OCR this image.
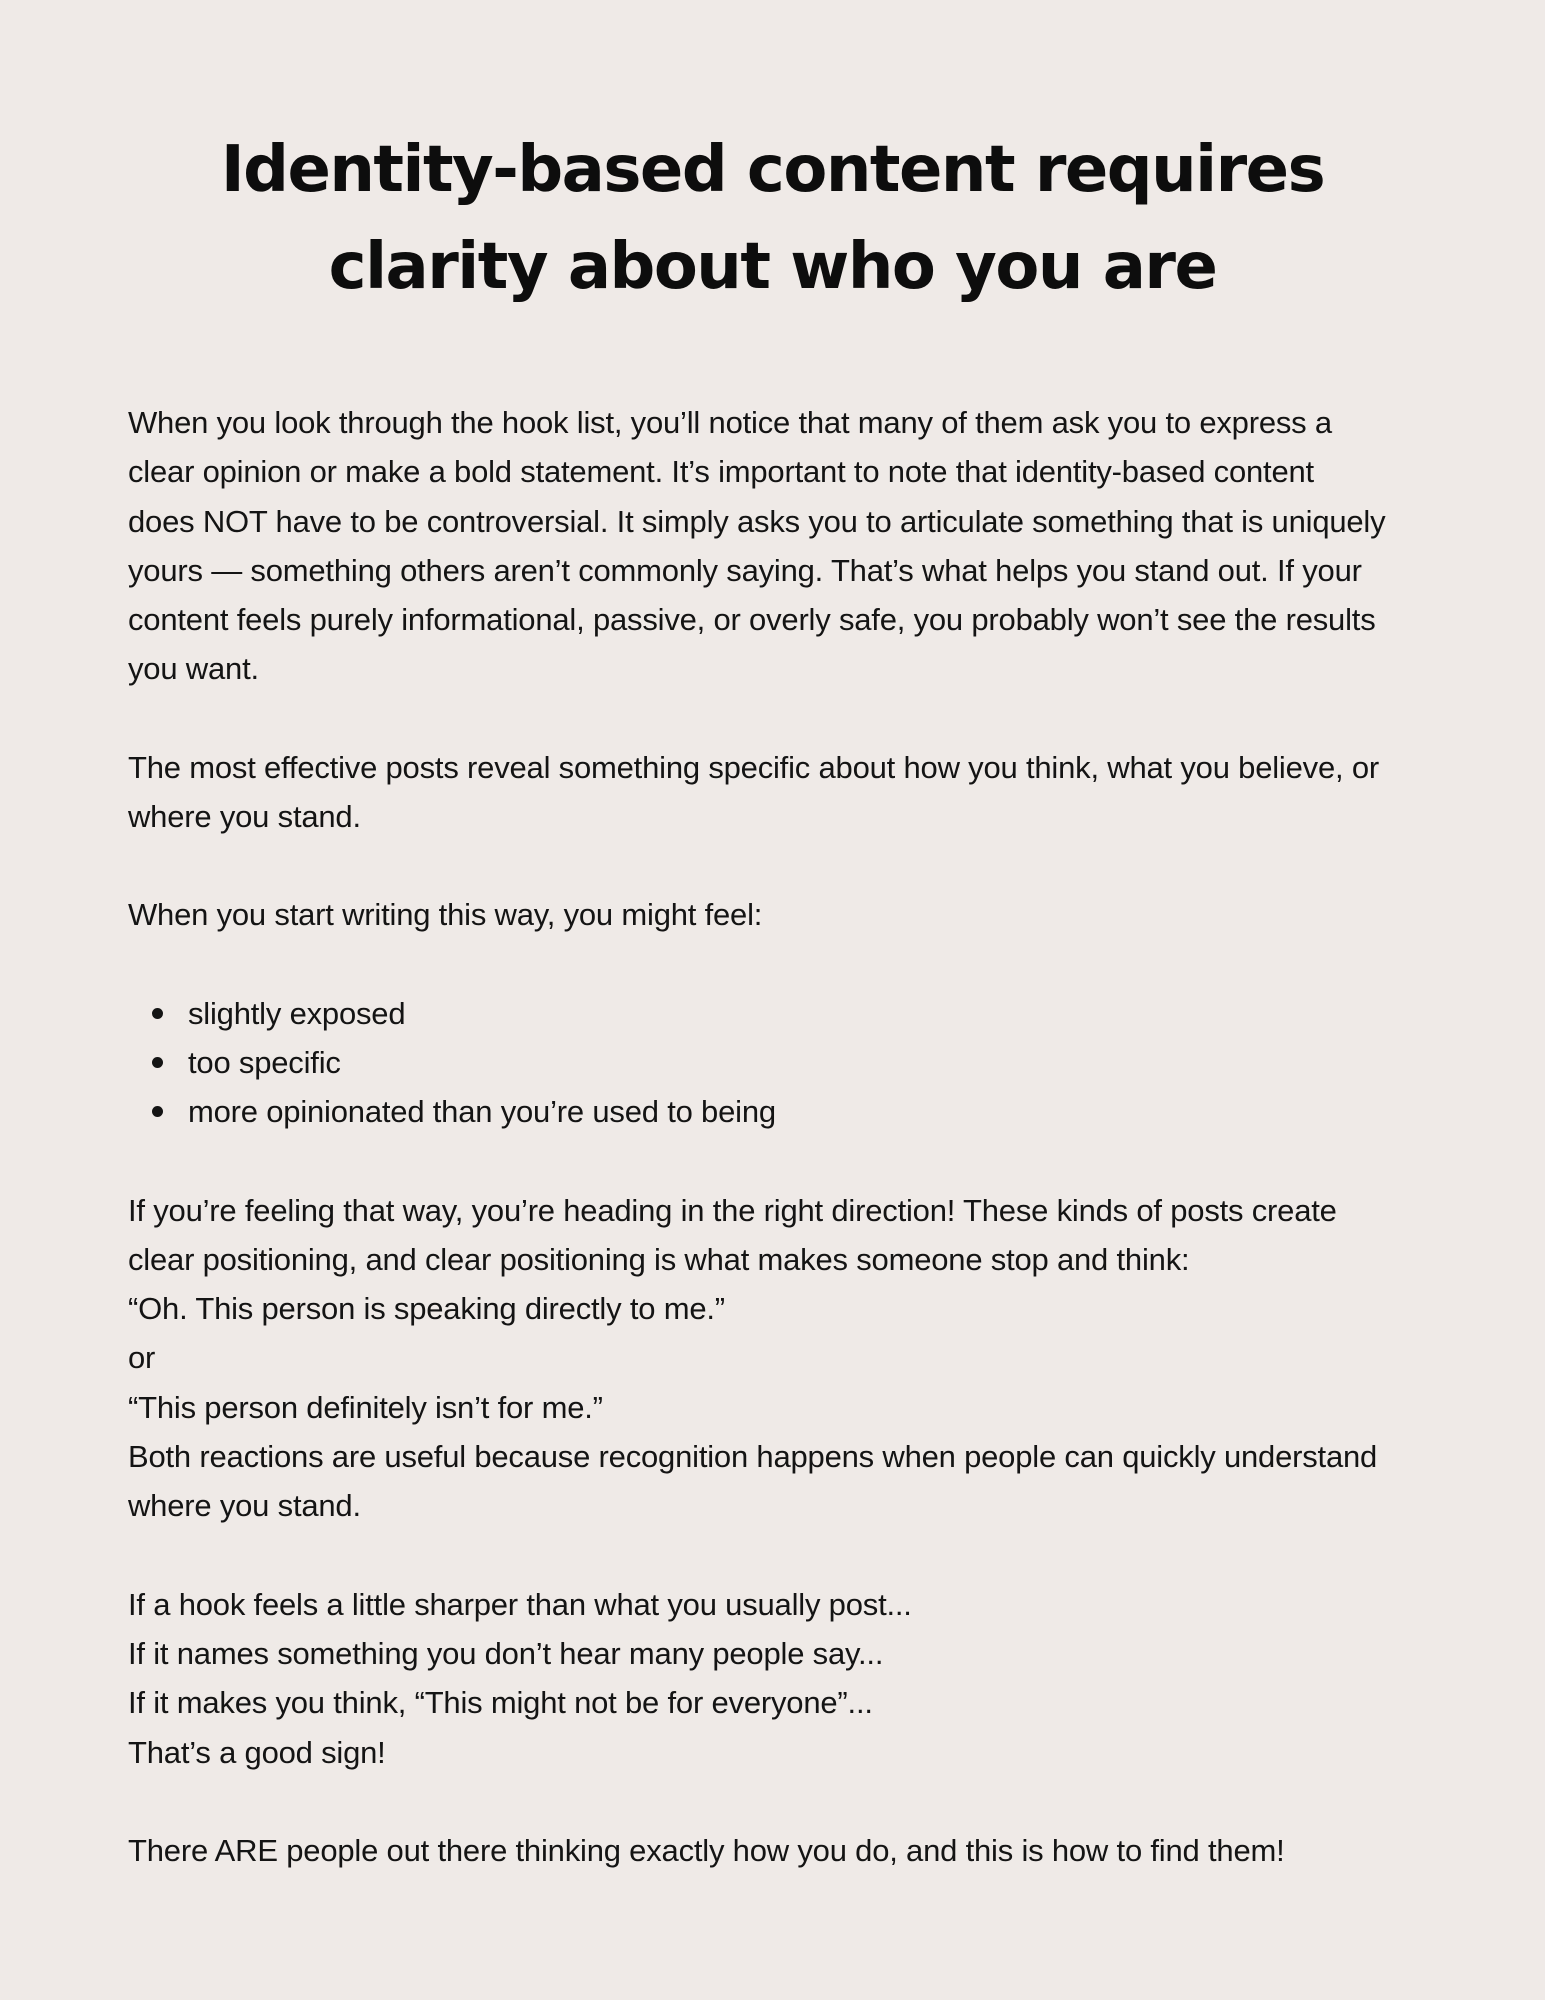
Identity-based content requires
clarity about who you are

When you look through the hook list, you’ll notice that many of them ask you to express a
clear opinion or make a bold statement. It’s important to note that identity-based content
does NOT have to be controversial. It simply asks you to articulate something that is uniquely
yours — something others aren’t commonly saying. That’s what helps you stand out. If your
content feels purely informational, passive, or overly safe, you probably won’t see the results
you want.

The most effective posts reveal something specific about how you think, what you believe, or
where you stand.

When you start writing this way, you might feel:

slightly exposed
too specific
more opinionated than you’re used to being

If you’re feeling that way, you’re heading in the right direction! These kinds of posts create
clear positioning, and clear positioning is what makes someone stop and think:
“Oh. This person is speaking directly to me.”
or
“This person definitely isn’t for me.”
Both reactions are useful because recognition happens when people can quickly understand
where you stand.

If a hook feels a little sharper than what you usually post...
If it names something you don’t hear many people say...
If it makes you think, “This might not be for everyone”...
That’s a good sign!

There ARE people out there thinking exactly how you do, and this is how to find them!
